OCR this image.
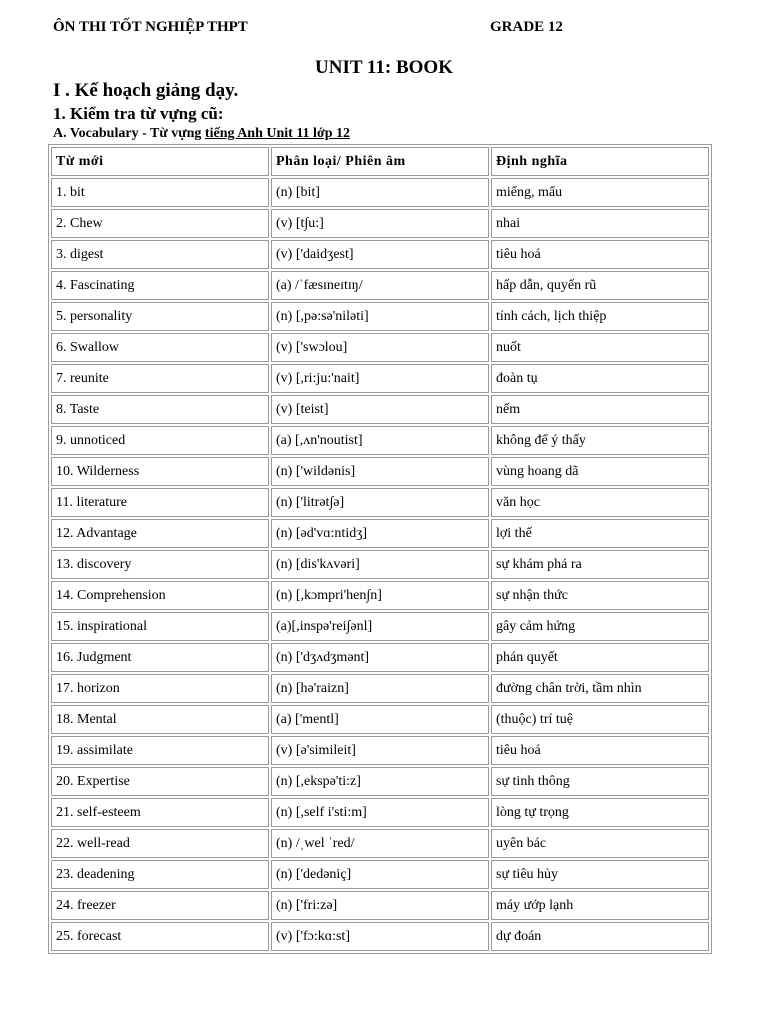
ÔN THI TỐT NGHIỆP THPT	GRADE 12
UNIT 11: BOOK
I . Kế hoạch giảng dạy.
1. Kiểm tra từ vựng cũ:
A. Vocabulary - Từ vựng tiếng Anh Unit 11 lớp 12
Từ mới	Phân loại/ Phiên âm	Định nghĩa
1. bit	(n) [bit]	miếng, mẩu
2. Chew	(v) [t∫u:]	nhai
3. digest	(v) ['daidʒest]	tiêu hoá
4. Fascinating	(a) /ˈfæsɪneɪtɪŋ/	hấp dẫn, quyến rũ
5. personality	(n) [,pə:sə'niləti]	tính cách, lịch thiệp
6. Swallow	(v) ['swɔlou]	nuốt
7. reunite	(v) [,ri:ju:'nait]	đoàn tụ
8. Taste	(v) [teist]	nếm
9. unnoticed	(a) [,ʌn'noutist]	không để ý thấy
10. Wilderness	(n) ['wildənis]	vùng hoang dã
11. literature	(n) ['litrət∫ə]	văn học
12. Advantage	(n) [əd'vɑ:ntidʒ]	lợi thế
13. discovery	(n) [dis'kʌvəri]	sự khám phá ra
14. Comprehension	(n) [,kɔmpri'hen∫n]	sự nhận thức
15. inspirational	(a)[,inspə'rei∫ənl]	gây cảm hứng
16. Judgment	(n) ['dʒʌdʒmənt]	phán quyết
17. horizon	(n) [hə'raizn]	đường chân trời, tầm nhìn
18. Mental	(a) ['mentl]	(thuộc) trí tuệ
19. assimilate	(v) [ə'simileit]	tiêu hoá
20. Expertise	(n) [,ekspə'ti:z]	sự tinh thông
21. self-esteem	(n) [,self i'sti:m]	lòng tự trọng
22. well-read	(n) /ˌwel ˈred/	uyên bác
23. deadening	(n) ['dedəniç]	sự tiêu hủy
24. freezer	(n) ['fri:zə]	máy ướp lạnh
25. forecast	(v) ['fɔ:kɑ:st]	dự đoán
